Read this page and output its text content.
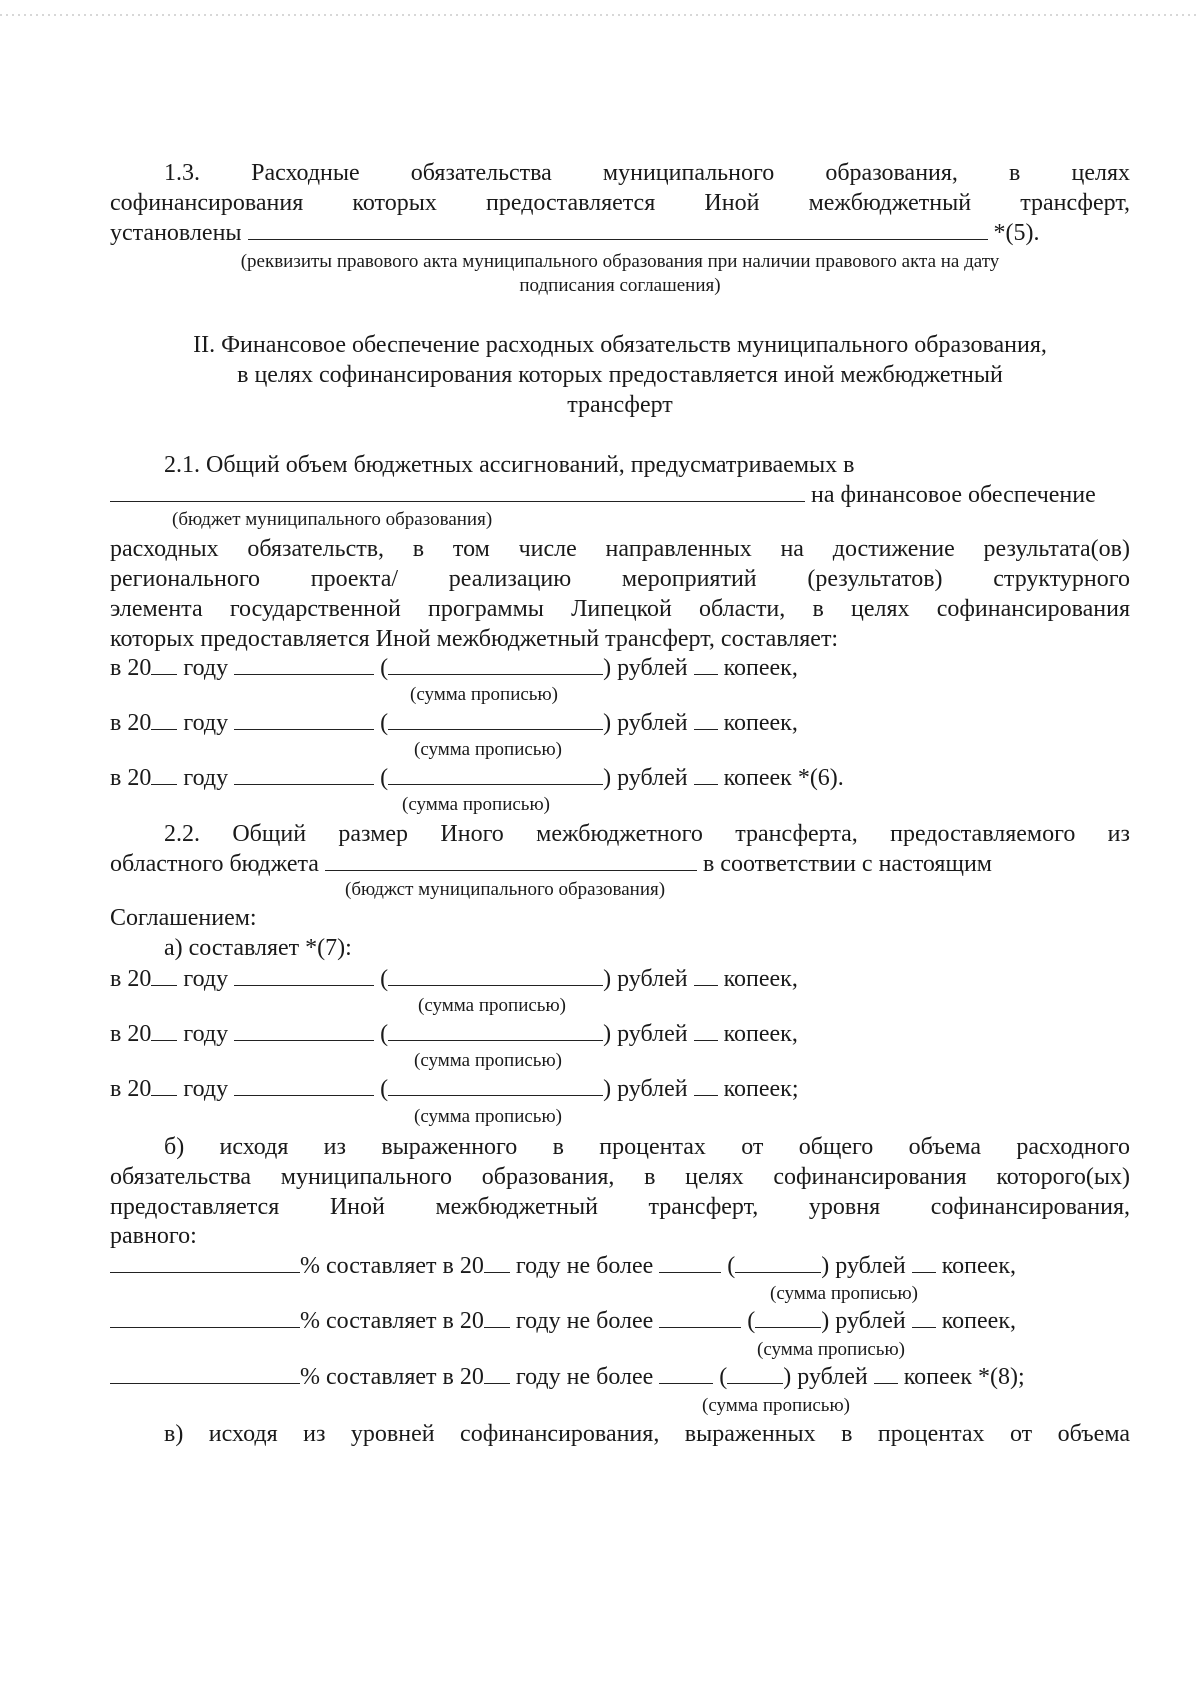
1.3. Расходные обязательства муниципального образования, в целях
софинансирования которых предоставляется Иной межбюджетный трансферт,
установлены	*(5).
(реквизиты правового акта муниципального образования при наличии правового акта на дату
подписания соглашения)
II. Финансовое обеспечение расходных обязательств муниципального образования,
в целях софинансирования которых предоставляется иной межбюджетный
трансферт
2.1. Общий объем бюджетных ассигнований, предусматриваемых в
на финансовое обеспечение
(бюджет муниципального образования)
расходных обязательств, в том числе направленных на достижение результата(ов)
регионального проекта/ реализацию мероприятий (результатов) структурного
элемента государственной программы Липецкой области, в целях софинансирования
которых предоставляется Иной межбюджетный трансферт, составляет:
в 20 году	(	) рублей копеек,
(сумма прописью)
в 20 году	(	) рублей копеек,
(сумма прописью)
в 20 году	(	) рублей копеек *(6).
(сумма прописью)
2.2. Общий размер Иного межбюджетного трансферта, предоставляемого из
областного бюджета	в соответствии с настоящим
(бюджст муниципального образования)
Соглашением:
а) составляет *(7):
в 20 году	(	) рублей копеек,
(сумма прописью)
в 20 году	(	) рублей копеек,
(сумма прописью)
в 20 году	(	) рублей копеек;
(сумма прописью)
б) исходя из выраженного в процентах от общего объема расходного
обязательства муниципального образования, в целях софинансирования которого(ых)
предоставляется Иной межбюджетный трансферт, уровня софинансирования,
равного:
% составляет в 20 году не более	(	) рублей копеек,
(сумма прописью)
% составляет в 20 году не более	(	) рублей копеек,
(сумма прописью)
% составляет в 20 году не более	( ) рублей копеек *(8);
(сумма прописью)
в) исходя из уровней софинансирования, выраженных в процентах от объема
